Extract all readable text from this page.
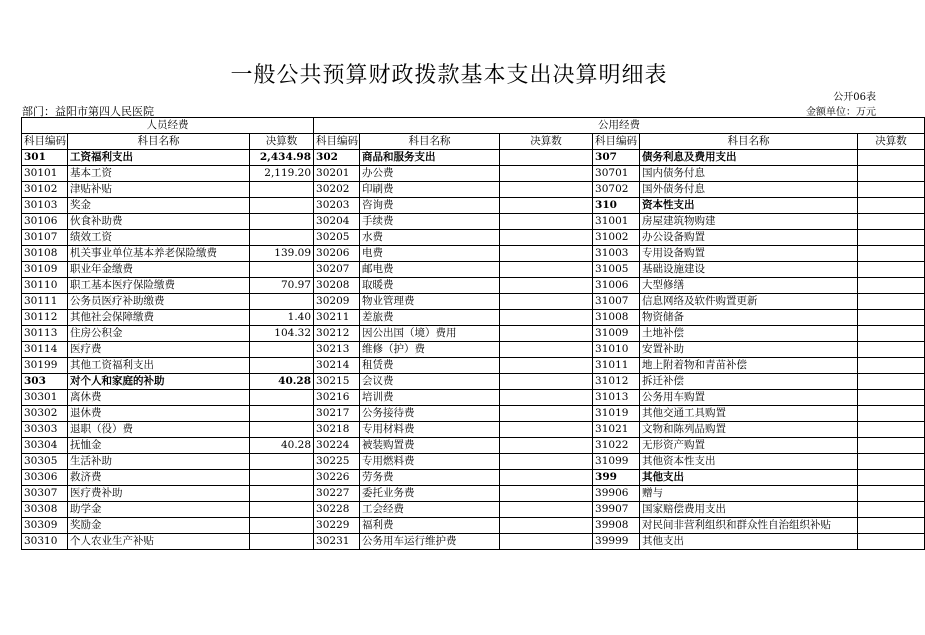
一般公共预算财政拨款基本支出决算明细表
公开06表
部门：益阳市第四人民医院	金额单位：万元
人员经费			公用经费					
科目编码	科目名称	决算数	科目编码	科目名称	决算数	科目编码	科目名称	决算数
301	工资福利支出	2,434.98	302	商品和服务支出		307	债务利息及费用支出	
30101	基本工资	2,119.20	30201	办公费		30701	国内债务付息	
30102	津贴补贴		30202	印刷费		30702	国外债务付息	
30103	奖金		30203	咨询费		310	资本性支出	
30106	伙食补助费		30204	手续费		31001	房屋建筑物购建	
30107	绩效工资		30205	水费		31002	办公设备购置	
30108	机关事业单位基本养老保险缴费	139.09	30206	电费		31003	专用设备购置	
30109	职业年金缴费		30207	邮电费		31005	基础设施建设	
30110	职工基本医疗保险缴费	70.97	30208	取暖费		31006	大型修缮	
30111	公务员医疗补助缴费		30209	物业管理费		31007	信息网络及软件购置更新	
30112	其他社会保障缴费	1.40	30211	差旅费		31008	物资储备	
30113	住房公积金	104.32	30212	因公出国（境）费用		31009	土地补偿	
30114	医疗费		30213	维修（护）费		31010	安置补助	
30199	其他工资福利支出		30214	租赁费		31011	地上附着物和青苗补偿	
303	对个人和家庭的补助	40.28	30215	会议费		31012	拆迁补偿	
30301	离休费		30216	培训费		31013	公务用车购置	
30302	退休费		30217	公务接待费		31019	其他交通工具购置	
30303	退职（役）费		30218	专用材料费		31021	文物和陈列品购置	
30304	抚恤金	40.28	30224	被装购置费		31022	无形资产购置	
30305	生活补助		30225	专用燃料费		31099	其他资本性支出	
30306	救济费		30226	劳务费		399	其他支出	
30307	医疗费补助		30227	委托业务费		39906	赠与	
30308	助学金		30228	工会经费		39907	国家赔偿费用支出	
30309	奖励金		30229	福利费		39908	对民间非营利组织和群众性自治组织补贴	
30310	个人农业生产补贴		30231	公务用车运行维护费		39999	其他支出	
